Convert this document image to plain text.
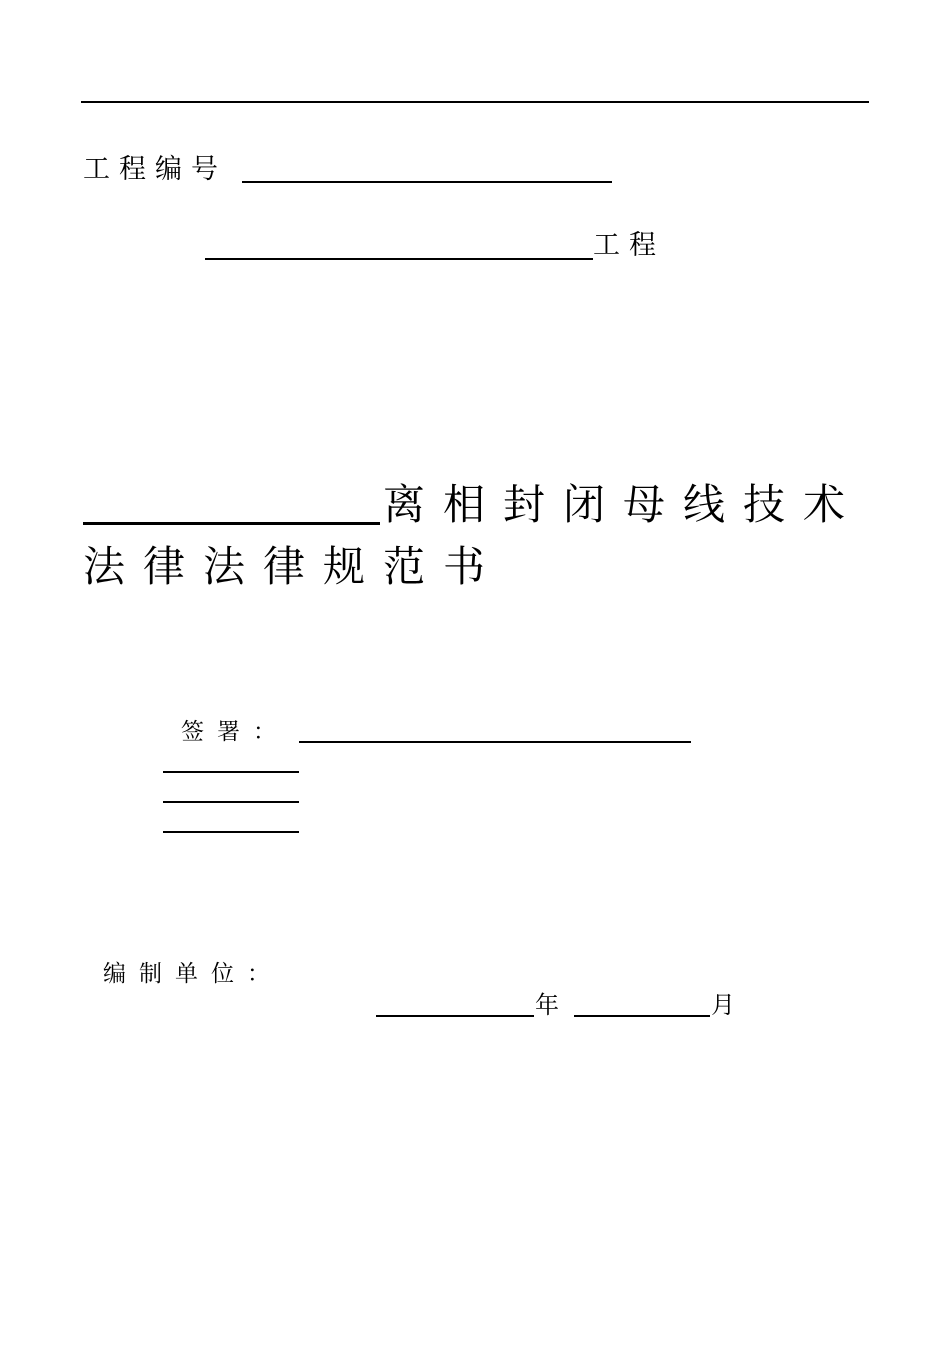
工程编号
工程
离相封闭母线技术
法律法律规范书
签署：
编制单位：
年	月
